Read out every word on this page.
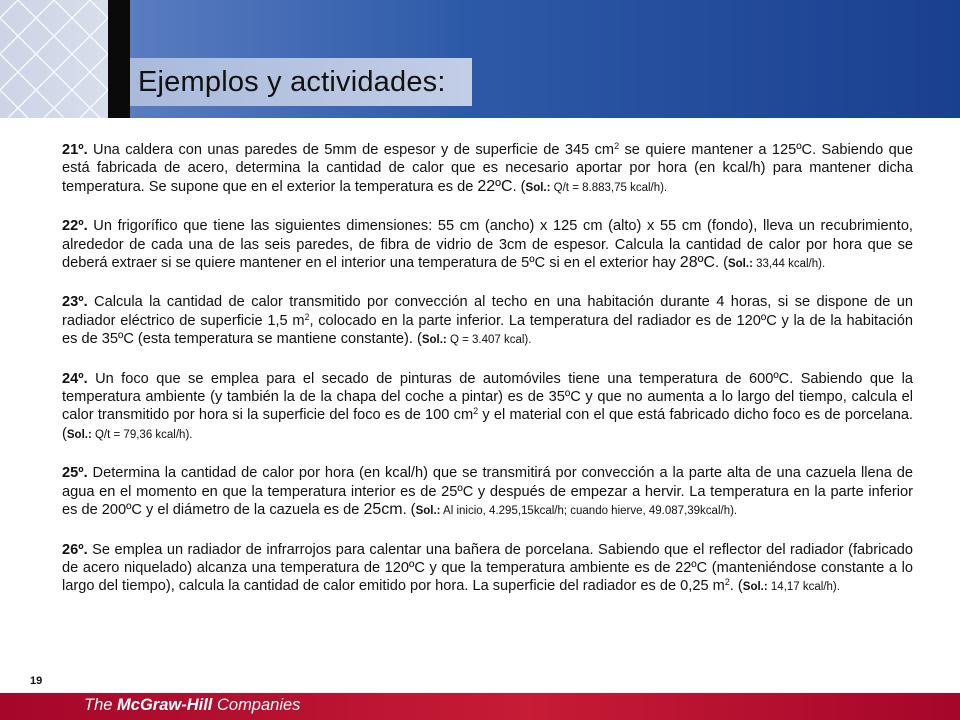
Ejemplos y actividades:

21º. Una caldera con unas paredes de 5mm de espesor y de superficie de 345 $cm^2$ se quiere mantener a 125ºC. Sabiendo que está fabricada de acero, determina la cantidad de calor que es necesario aportar por hora (en kcal/h) para mantener dicha temperatura. Se supone que en el exterior la temperatura es de 22ºC. (Sol.: Q/t = 8.883,75 kcal/h).

22º. Un frigorífico que tiene las siguientes dimensiones: 55 cm (ancho) x 125 cm (alto) x 55 cm (fondo), lleva un recubrimiento, alrededor de cada una de las seis paredes, de fibra de vidrio de 3cm de espesor. Calcula la cantidad de calor por hora que se deberá extraer si se quiere mantener en el interior una temperatura de 5ºC si en el exterior hay 28ºC. (Sol.: 33,44 kcal/h).

23º. Calcula la cantidad de calor transmitido por convección al techo en una habitación durante 4 horas, si se dispone de un radiador eléctrico de superficie 1,5 $m^2$, colocado en la parte inferior. La temperatura del radiador es de 120ºC y la de la habitación es de 35ºC (esta temperatura se mantiene constante). (Sol.: Q = 3.407 kcal).

24º. Un foco que se emplea para el secado de pinturas de automóviles tiene una temperatura de 600ºC. Sabiendo que la temperatura ambiente (y también la de la chapa del coche a pintar) es de 35ºC y que no aumenta a lo largo del tiempo, calcula el calor transmitido por hora si la superficie del foco es de 100 $cm^2$ y el material con el que está fabricado dicho foco es de porcelana. (Sol.: Q/t = 79,36 kcal/h).

25º. Determina la cantidad de calor por hora (en kcal/h) que se transmitirá por convección a la parte alta de una cazuela llena de agua en el momento en que la temperatura interior es de 25ºC y después de empezar a hervir. La temperatura en la parte inferior es de 200ºC y el diámetro de la cazuela es de 25cm. (Sol.: Al inicio, 4.295,15kcal/h; cuando hierve, 49.087,39kcal/h).

26º. Se emplea un radiador de infrarrojos para calentar una bañera de porcelana. Sabiendo que el reflector del radiador (fabricado de acero niquelado) alcanza una temperatura de 120ºC y que la temperatura ambiente es de 22ºC (manteniéndose constante a lo largo del tiempo), calcula la cantidad de calor emitido por hora. La superficie del radiador es de 0,25 $m^2$. (Sol.: 14,17 kcal/h).

19
The McGraw-Hill Companies
